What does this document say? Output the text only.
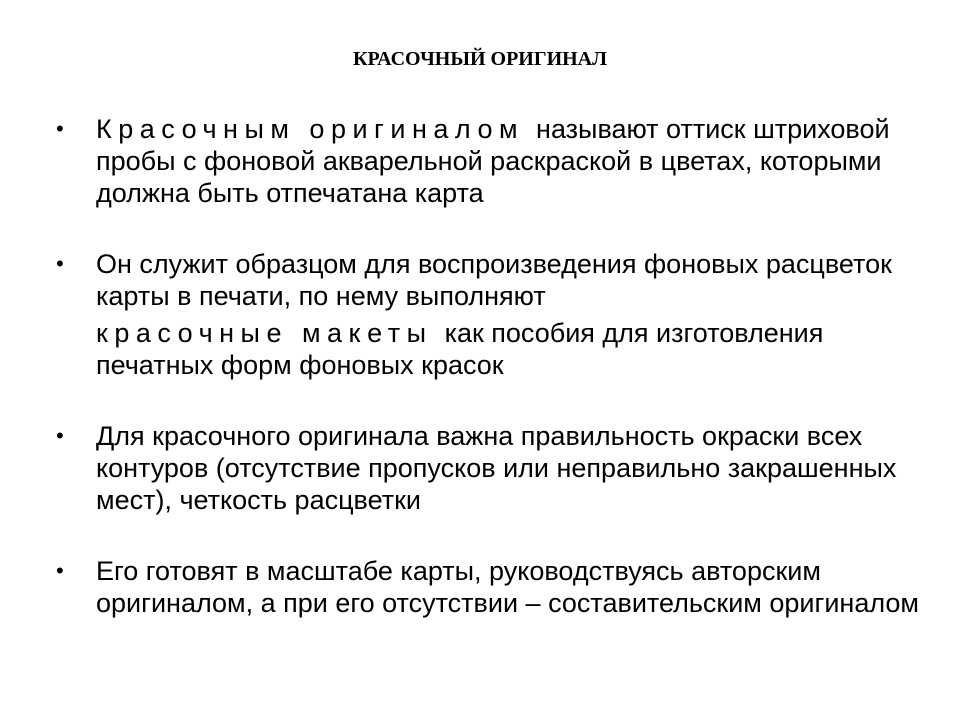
КРАСОЧНЫЙ ОРИГИНАЛ
• Красочным оригиналом называют оттиск штриховой пробы с фоновой акварельной раскраской в цветах, которыми должна быть отпечатана карта
• Он служит образцом для воспроизведения фоновых расцветок карты в печати, по нему выполняют
красочные макеты как пособия для изготовления печатных форм фоновых красок
• Для красочного оригинала важна правильность окраски всех контуров (отсутствие пропусков или неправильно закрашенных мест), четкость расцветки
• Его готовят в масштабе карты, руководствуясь авторским оригиналом, а при его отсутствии – составительским оригиналом
